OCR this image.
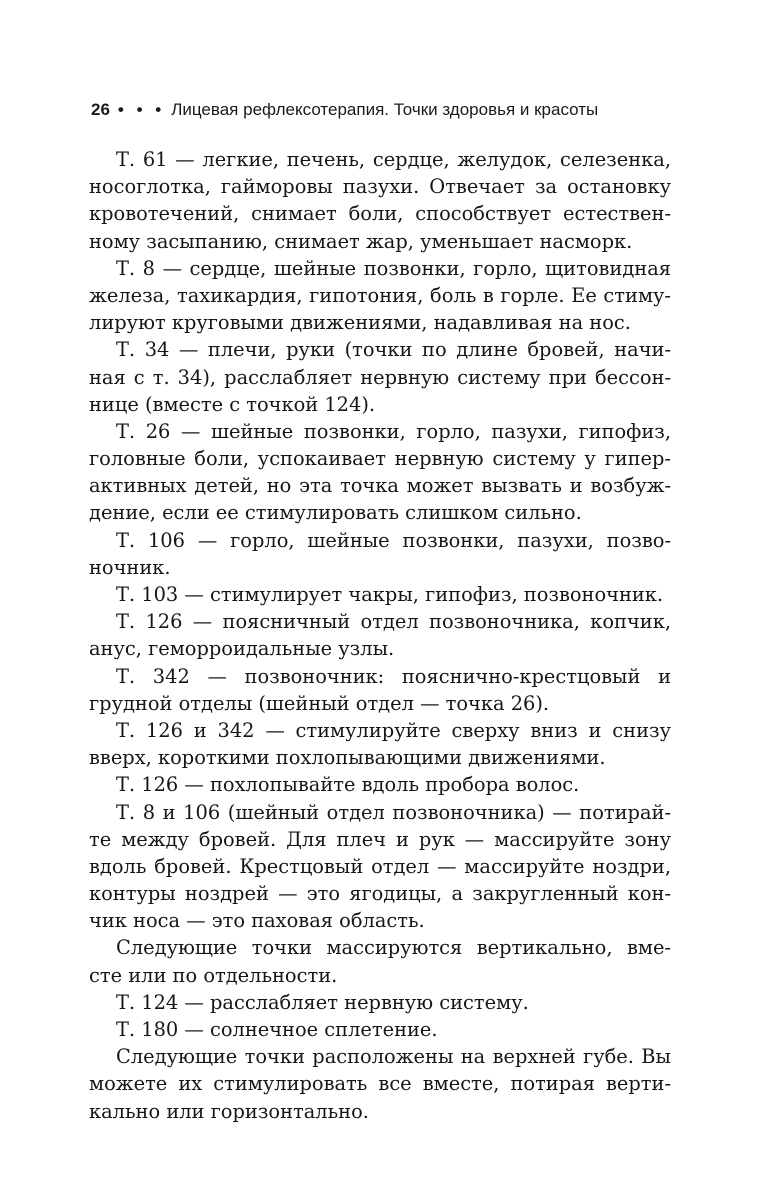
26 • • • Лицевая рефлексотерапия. Точки здоровья и красоты
Т. 61 — легкие, печень, сердце, желудок, селезенка,
носоглотка, гайморовы пазухи. Отвечает за остановку
кровотечений, снимает боли, способствует естествен-
ному засыпанию, снимает жар, уменьшает насморк.
Т. 8 — сердце, шейные позвонки, горло, щитовидная
железа, тахикардия, гипотония, боль в горле. Ее стиму-
лируют круговыми движениями, надавливая на нос.
Т. 34 — плечи, руки (точки по длине бровей, начи-
ная с т. 34), расслабляет нервную систему при бессон-
нице (вместе с точкой 124).
Т. 26 — шейные позвонки, горло, пазухи, гипофиз,
головные боли, успокаивает нервную систему у гипер-
активных детей, но эта точка может вызвать и возбуж-
дение, если ее стимулировать слишком сильно.
Т. 106 — горло, шейные позвонки, пазухи, позво-
ночник.
Т. 103 — стимулирует чакры, гипофиз, позвоночник.
Т. 126 — поясничный отдел позвоночника, копчик,
анус, геморроидальные узлы.
Т. 342 — позвоночник: пояснично-крестцовый и
грудной отделы (шейный отдел — точка 26).
Т. 126 и 342 — стимулируйте сверху вниз и снизу
вверх, короткими похлопывающими движениями.
Т. 126 — похлопывайте вдоль пробора волос.
Т. 8 и 106 (шейный отдел позвоночника) — потирай-
те между бровей. Для плеч и рук — массируйте зону
вдоль бровей. Крестцовый отдел — массируйте ноздри,
контуры ноздрей — это ягодицы, а закругленный кон-
чик носа — это паховая область.
Следующие точки массируются вертикально, вме-
сте или по отдельности.
Т. 124 — расслабляет нервную систему.
Т. 180 — солнечное сплетение.
Следующие точки расположены на верхней губе. Вы
можете их стимулировать все вместе, потирая верти-
кально или горизонтально.
